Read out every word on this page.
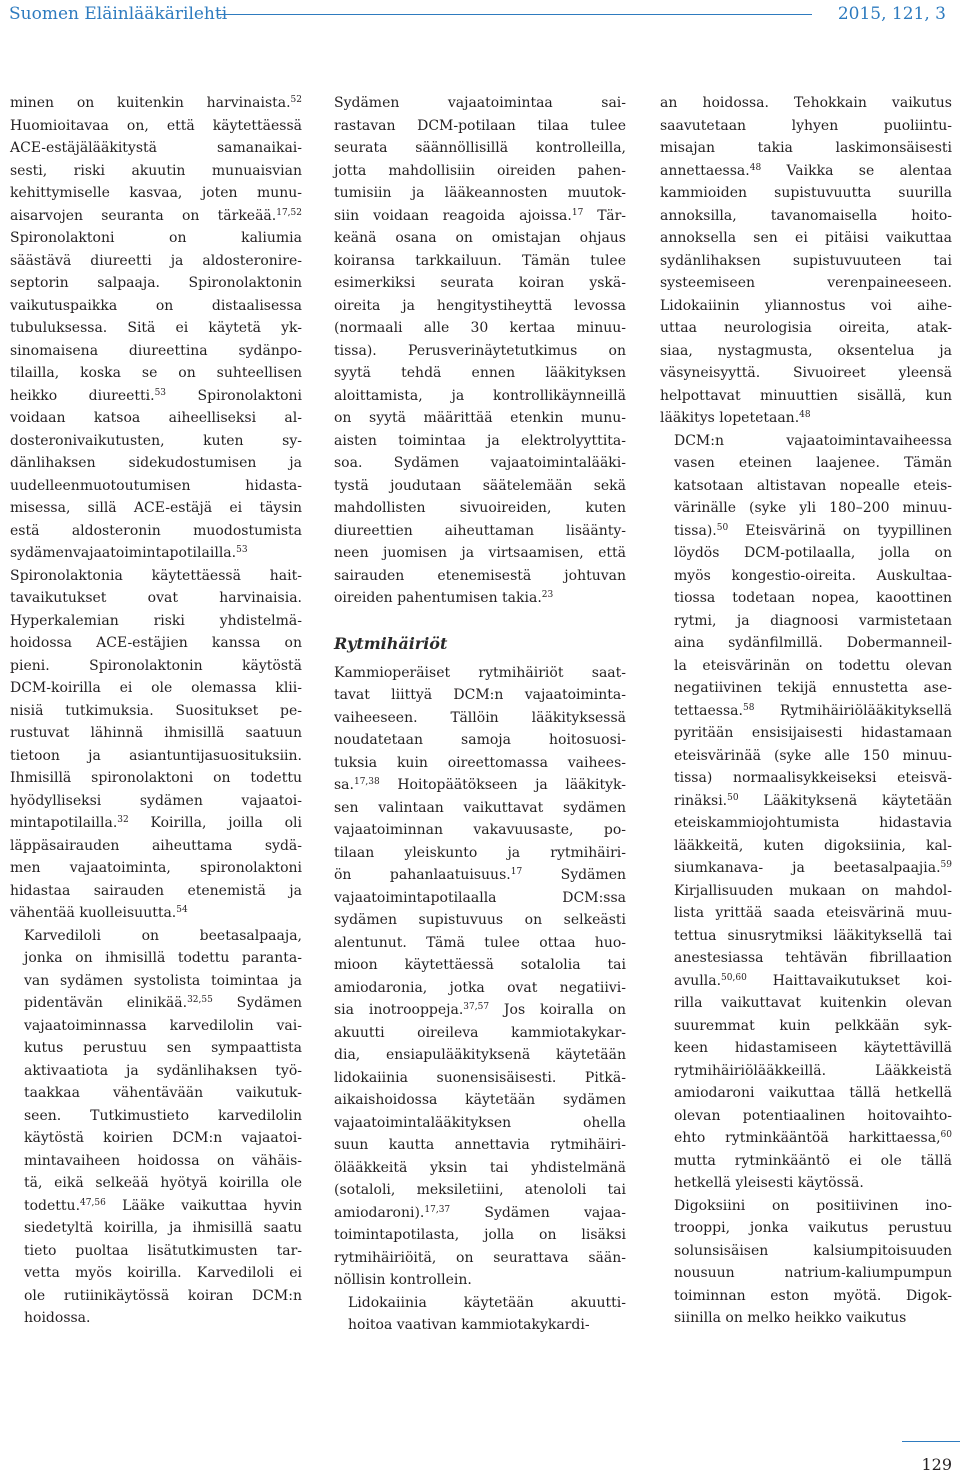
Suomen Eläinlääkärilehti	2015, 121, 3

minen on kuitenkin harvinaista.$^{52}$
Huomioitavaa on, että käytettäessä
ACE-estäjälääkitystä samanaikai-
sesti, riski akuutin munuaisvian
kehittymiselle kasvaa, joten munu-
aisarvojen seuranta on tärkeää.$^{17,52}$
Spironolaktoni on kaliumia
säästävä diureetti ja aldosteronire-
septorin salpaaja. Spironolaktonin
vaikutuspaikka on distaalisessa
tubuluksessa. Sitä ei käytetä yk-
sinomaisena diureettina sydänpo-
tilailla, koska se on suhteellisen
heikko diureetti.$^{53}$ Spironolaktoni
voidaan katsoa aiheelliseksi al-
dosteronivaikutusten, kuten sy-
dänlihaksen sidekudostumisen ja
uudelleenmuotoutumisen hidasta-
misessa, sillä ACE-estäjä ei täysin
estä aldosteronin muodostumista
sydämenvajaatoimintapotilailla.$^{53}$
Spironolaktonia käytettäessä hait-
tavaikutukset ovat harvinaisia.
Hyperkalemian riski yhdistelmä-
hoidossa ACE-estäjien kanssa on
pieni. Spironolaktonin käytöstä
DCM-koirilla ei ole olemassa klii-
nisiä tutkimuksia. Suositukset pe-
rustuvat lähinnä ihmisillä saatuun
tietoon ja asiantuntijasuosituksiin.
Ihmisillä spironolaktoni on todettu
hyödylliseksi sydämen vajaatoi-
mintapotilailla.$^{32}$ Koirilla, joilla oli
läppäsairauden aiheuttama sydä-
men vajaatoiminta, spironolaktoni
hidastaa sairauden etenemistä ja
vähentää kuolleisuutta.$^{54}$

Karvediloli on beetasalpaaja,
jonka on ihmisillä todettu paranta-
van sydämen systolista toimintaa ja
pidentävän elinikää.$^{32,55}$ Sydämen
vajaatoiminnassa karvedilolin vai-
kutus perustuu sen sympaattista
aktivaatiota ja sydänlihaksen työ-
taakkaa vähentävään vaikutuk-
seen. Tutkimustieto karvedilolin
käytöstä koirien DCM:n vajaatoi-
mintavaiheen hoidossa on vähäis-
tä, eikä selkeää hyötyä koirilla ole
todettu.$^{47,56}$ Lääke vaikuttaa hyvin
siedetyltä koirilla, ja ihmisillä saatu
tieto puoltaa lisätutkimusten tar-
vetta myös koirilla. Karvediloli ei
ole rutiinikäytössä koiran DCM:n
hoidossa.

Sydämen vajaatoimintaa sai-
rastavan DCM-potilaan tilaa tulee
seurata säännöllisillä kontrolleilla,
jotta mahdollisiin oireiden pahen-
tumisiin ja lääkeannosten muutok-
siin voidaan reagoida ajoissa.$^{17}$ Tär-
keänä osana on omistajan ohjaus
koiransa tarkkailuun. Tämän tulee
esimerkiksi seurata koiran yskä-
oireita ja hengitystiheyttä levossa
(normaali alle 30 kertaa minuu-
tissa). Perusverinäytetutkimus on
syytä tehdä ennen lääkityksen
aloittamista, ja kontrollikäynneillä
on syytä määrittää etenkin munu-
aisten toimintaa ja elektrolyyttita-
soa. Sydämen vajaatoimintalääki-
tystä joudutaan säätelemään sekä
mahdollisten sivuoireiden, kuten
diureettien aiheuttaman lisäänty-
neen juomisen ja virtsaamisen, että
sairauden etenemisestä johtuvan
oireiden pahentumisen takia.$^{23}$

Rytmihäiriöt

Kammioperäiset rytmihäiriöt saat-
tavat liittyä DCM:n vajaatoiminta-
vaiheeseen. Tällöin lääkityksessä
noudatetaan samoja hoitosuosi-
tuksia kuin oireettomassa vaihees-
sa.$^{17,38}$ Hoitopäätökseen ja lääkityk-
sen valintaan vaikuttavat sydämen
vajaatoiminnan vakavuusaste, po-
tilaan yleiskunto ja rytmihäiri-
ön pahanlaatuisuus.$^{17}$ Sydämen
vajaatoimintapotilaalla DCM:ssa
sydämen supistuvuus on selkeästi
alentunut. Tämä tulee ottaa huo-
mioon käytettäessä sotalolia tai
amiodaronia, jotka ovat negatiivi-
sia inotrooppeja.$^{37,57}$ Jos koiralla on
akuutti oireileva kammiotakykar-
dia, ensiapulääkityksenä käytetään
lidokaiinia suonensisäisesti. Pitkä-
aikaishoidossa käytetään sydämen
vajaatoimintalääkityksen ohella
suun kautta annettavia rytmihäiri-
ölääkkeitä yksin tai yhdistelmänä
(sotaloli, meksiletiini, atenololi tai
amiodaroni).$^{17,37}$ Sydämen vajaa-
toimintapotilasta, jolla on lisäksi
rytmihäiriöitä, on seurattava sään-
nöllisin kontrollein.

Lidokaiinia käytetään akuutti-
hoitoa vaativan kammiotakykardi-

an hoidossa. Tehokkain vaikutus
saavutetaan lyhyen puoliintu-
misajan takia laskimonsäisesti
annettaessa.$^{48}$ Vaikka se alentaa
kammioiden supistuvuutta suurilla
annoksilla, tavanomaisella hoito-
annoksella sen ei pitäisi vaikuttaa
sydänlihaksen supistuvuuteen tai
systeemiseen verenpaineeseen.
Lidokaiinin yliannostus voi aihe-
uttaa neurologisia oireita, atak-
siaa, nystagmusta, oksentelua ja
väsyneisyyttä. Sivuoireet yleensä
helpottavat minuuttien sisällä, kun
lääkitys lopetetaan.$^{48}$

DCM:n vajaatoimintavaiheessa
vasen eteinen laajenee. Tämän
katsotaan altistavan nopealle eteis-
värinälle (syke yli 180–200 minuu-
tissa).$^{50}$ Eteisvärinä on tyypillinen
löydös DCM-potilaalla, jolla on
myös kongestio-oireita. Auskultaa-
tiossa todetaan nopea, kaoottinen
rytmi, ja diagnoosi varmistetaan
aina sydänfilmillä. Dobermanneil-
la eteisvärinän on todettu olevan
negatiivinen tekijä ennustetta ase-
tettaessa.$^{58}$ Rytmihäiriölääkityksellä
pyritään ensisijaisesti hidastamaan
eteisvärinää (syke alle 150 minuu-
tissa) normaalisykkeiseksi eteisvä-
rinäksi.$^{50}$ Lääkityksenä käytetään
eteiskammiojohtumista hidastavia
lääkkeitä, kuten digoksiinia, kal-
siumkanava- ja beetasalpaajia.$^{59}$
Kirjallisuuden mukaan on mahdol-
lista yrittää saada eteisvärinä muu-
tettua sinusrytmiksi lääkityksellä tai
anestesiassa tehtävän fibrillaation
avulla.$^{50,60}$ Haittavaikutukset koi-
rilla vaikuttavat kuitenkin olevan
suuremmat kuin pelkkään syk-
keen hidastamiseen käytettävillä
rytmihäiriölääkkeillä. Lääkkeistä
amiodaroni vaikuttaa tällä hetkellä
olevan potentiaalinen hoitovaihto-
ehto rytminkääntöä harkittaessa,$^{60}$
mutta rytminkääntö ei ole tällä
hetkellä yleisesti käytössä.

Digoksiini on positiivinen ino-
trooppi, jonka vaikutus perustuu
solunsisäisen kalsiumpitoisuuden
nousuun natrium-kaliumpumpun
toiminnan eston myötä. Digok-
siinilla on melko heikko vaikutus

129
